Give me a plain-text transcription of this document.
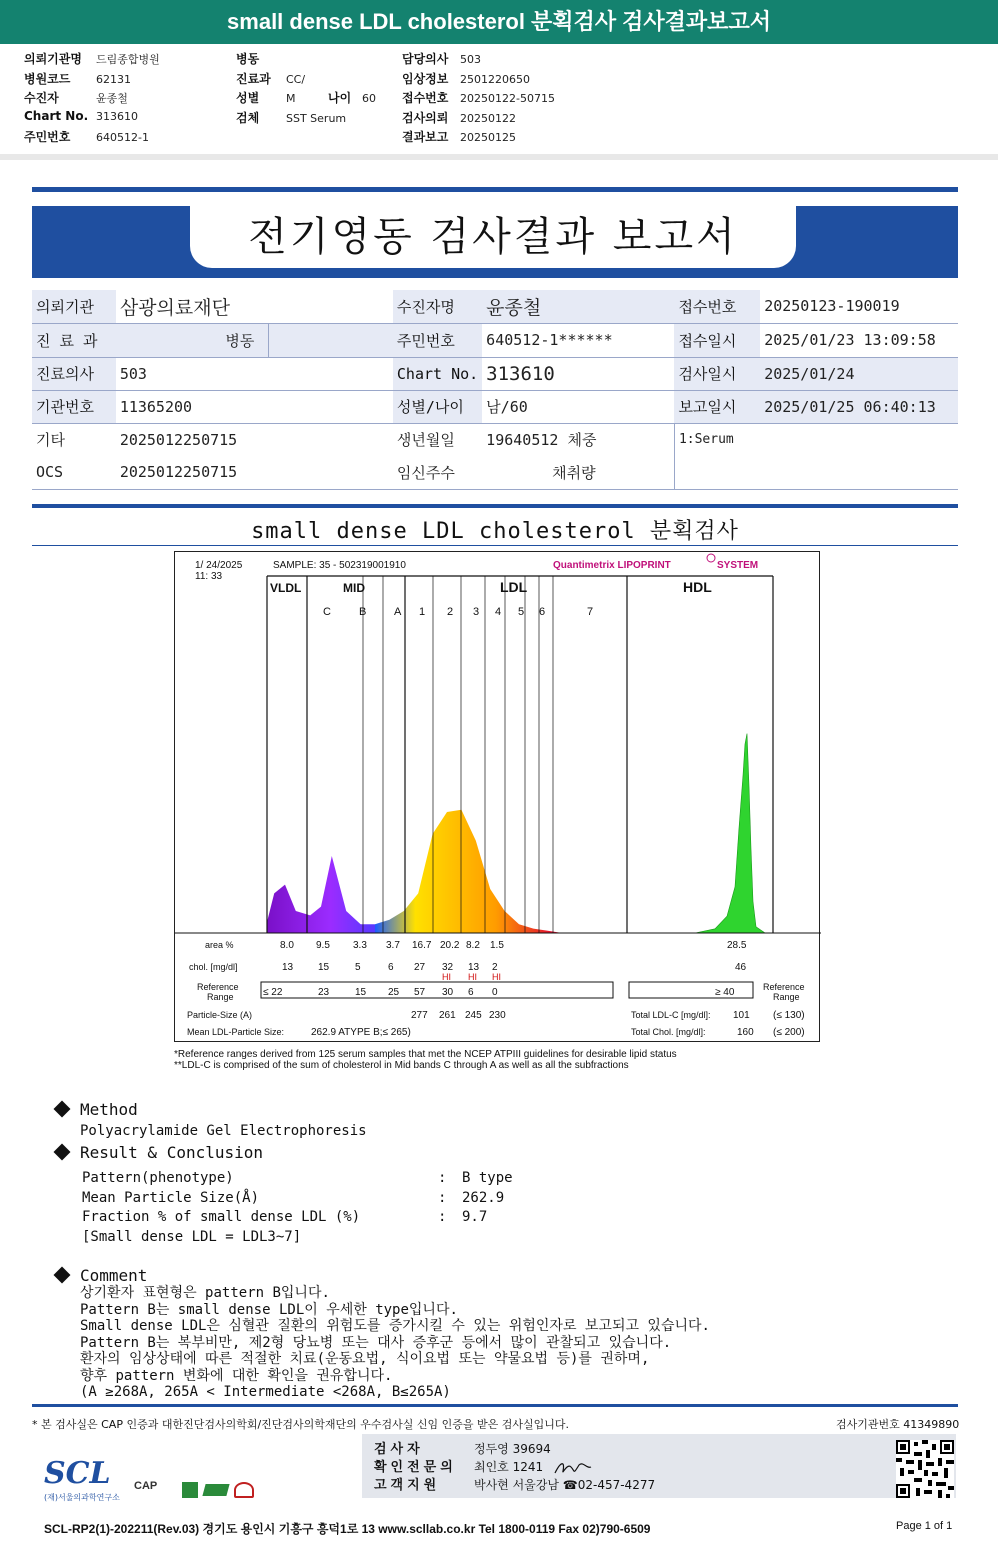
small dense LDL cholesterol 분획검사 검사결과보고서
의뢰기관명 드림종합병원
병원코드 62131
수진자	윤종철
Chart No. 313610
주민번호 640512-1
병동
진료과 CC/
성별 M	나이 60
검체 SST Serum
담당의사 503
임상정보 2501220650
접수번호 20250122-50715
검사의뢰 20250122
결과보고 20250125
전기영동 검사결과 보고서
의뢰기관	삼광의료재단		수진자명	윤종철	접수번호	20250123-190019
진 료 과	병동		주민번호	640512-1******	접수일시	2025/01/23 13:09:58
진료의사	503		Chart No.	313610	검사일시	2025/01/24
기관번호	11365200		성별/나이	남/60	보고일시	2025/01/25 06:40:13
기타	2025012250715		생년월일	19640512 체중	1:Serum	
OCS	2025012250715		임신주수	채취량		
small dense LDL cholesterol 분획검사
1/ 24/2025
11: 33
SAMPLE: 35 - 502319001910	Quantimetrix LIPOPRINT	SYSTEM
VLDL	MID	LDL	HDL
C	B	A 1 2 3 4 5 6	7
area %	8.0 9.5 3.3 3.7 16.7 20.2 8.2 1.5	28.5
chol. [mg/dl]	13 15	5	6 27 32 13 2	46
HI HI HI
Reference
Range	≤ 22	23	15 25 57 30 6 0	≥ 40	Reference
Range
Particle-Size (A)	277 261 245 230
Mean LDL-Particle Size:	262.9 ATYPE B;≤ 265)
Total LDL-C [mg/dl]: 101 (≤ 130)
Total Chol. [mg/dl]:	160 (≤ 200)
*Reference ranges derived from 125 serum samples that met the NCEP ATPIII guidelines for desirable lipid status
**LDL-C is comprised of the sum of cholesterol in Mid bands C through A as well as all the subfractions
Method
Polyacrylamide Gel Electrophoresis
Result & Conclusion
Pattern(phenotype)	: B type
Mean Particle Size(Å)	: 262.9
Fraction % of small dense LDL (%)	: 9.7
[Small dense LDL = LDL3~7]
Comment
상기환자 표현형은 pattern B입니다.
Pattern B는 small dense LDL이 우세한 type입니다.
Small dense LDL은 심혈관 질환의 위험도를 증가시킬 수 있는 위험인자로 보고되고 있습니다.
Pattern B는 복부비만, 제2형 당뇨병 또는 대사 증후군 등에서 많이 관찰되고 있습니다.
환자의 임상상태에 따른 적절한 치료(운동요법, 식이요법 또는 약물요법 등)를 권하며,
향후 pattern 변화에 대한 확인을 권유합니다.
(A ≥268A, 265A < Intermediate <268A, B≤265A)
* 본 검사실은 CAP 인증과 대한진단검사의학회/진단검사의학재단의 우수검사실 신임 인증을 받은 검사실입니다.	검사기관번호 41349890
검사자	정두영 39694
확인전문의 최인호 1241
고객지원	박사현 서울강남 ☎02-457-4277
SCL
(재)서울의과학연구소
CAP
SCL-RP2(1)-202211(Rev.03) 경기도 용인시 기흥구 흥덕1로 13 www.scllab.co.kr Tel 1800-0119 Fax 02)790-6509	Page 1 of 1
